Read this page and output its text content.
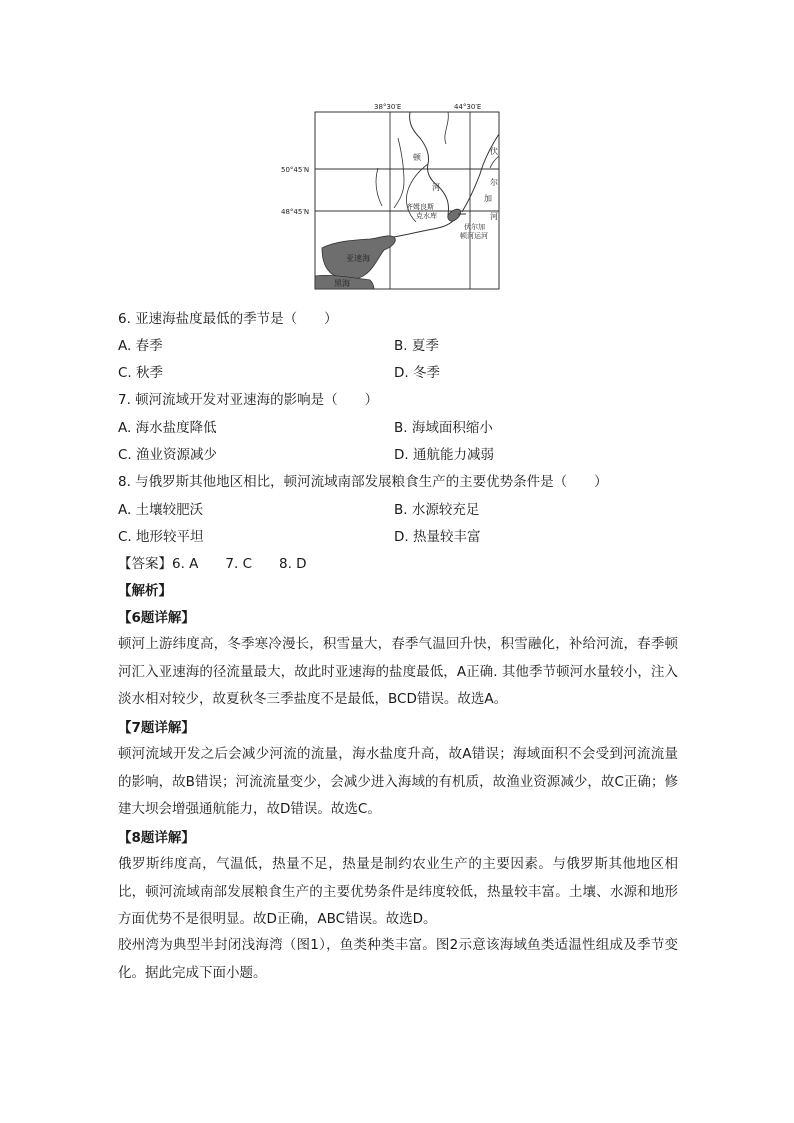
38°30′E	44°30′E
50°45′N
48°45′N
顿
河
伏
尔
加
河
齐姆良斯
克水库
伏尔加
顿河运河
亚速海
黑海
6. 亚速海盐度最低的季节是（　　）
A. 春季	B. 夏季
C. 秋季	D. 冬季
7. 顿河流域开发对亚速海的影响是（　　）
A. 海水盐度降低	B. 海域面积缩小
C. 渔业资源减少	D. 通航能力减弱
8. 与俄罗斯其他地区相比，顿河流域南部发展粮食生产的主要优势条件是（　　）
A. 土壤较肥沃	B. 水源较充足
C. 地形较平坦	D. 热量较丰富
【答案】6. A　　7. C　　8. D
【解析】
【6题详解】
顿河上游纬度高，冬季寒冷漫长，积雪量大，春季气温回升快，积雪融化，补给河流，春季顿河汇入亚速海的径流量最大，故此时亚速海的盐度最低，A正确. 其他季节顿河水量较小，注入淡水相对较少，故夏秋冬三季盐度不是最低，BCD错误。故选A。
【7题详解】
顿河流域开发之后会减少河流的流量，海水盐度升高，故A错误；海域面积不会受到河流流量的影响，故B错误；河流流量变少，会减少进入海域的有机质，故渔业资源减少，故C正确；修建大坝会增强通航能力，故D错误。故选C。
【8题详解】
俄罗斯纬度高，气温低，热量不足，热量是制约农业生产的主要因素。与俄罗斯其他地区相比，顿河流域南部发展粮食生产的主要优势条件是纬度较低，热量较丰富。土壤、水源和地形方面优势不是很明显。故D正确，ABC错误。故选D。
胶州湾为典型半封闭浅海湾（图1），鱼类种类丰富。图2示意该海域鱼类适温性组成及季节变化。据此完成下面小题。
